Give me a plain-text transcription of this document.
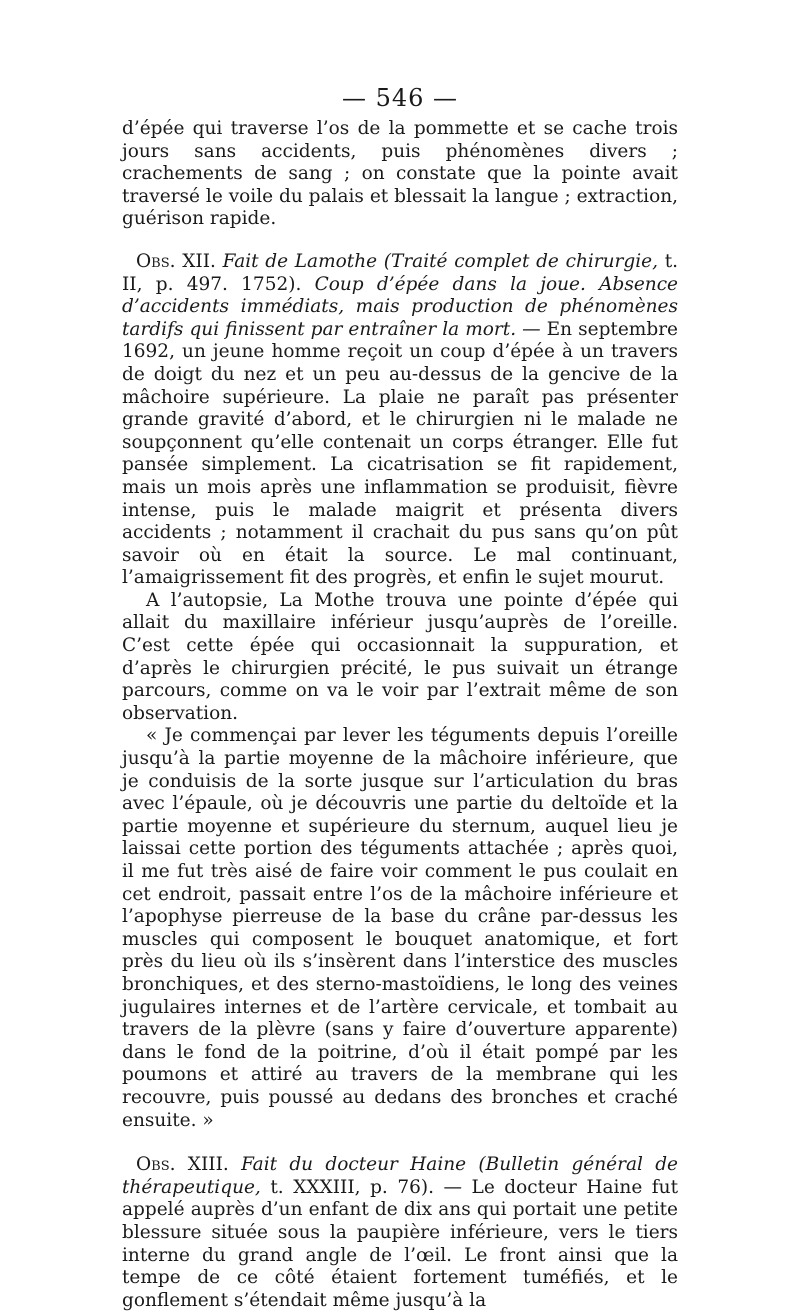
— 546 —

d’épée qui traverse l’os de la pommette et se cache trois jours sans accidents, puis phénomènes divers ; crachements de sang ; on constate que la pointe avait traversé le voile du palais et blessait la langue ; extraction, guérison rapide.

Obs. XII. Fait de Lamothe (Traité complet de chirurgie, t. II, p. 497. 1752). Coup d’épée dans la joue. Absence d’accidents immédiats, mais production de phénomènes tardifs qui finissent par entraîner la mort. — En septembre 1692, un jeune homme reçoit un coup d’épée à un travers de doigt du nez et un peu au-dessus de la gencive de la mâchoire supérieure. La plaie ne paraît pas présenter grande gravité d’abord, et le chirurgien ni le malade ne soupçonnent qu’elle contenait un corps étranger. Elle fut pansée simplement. La cicatrisation se fit rapidement, mais un mois après une inflammation se produisit, fièvre intense, puis le malade maigrit et présenta divers accidents ; notamment il crachait du pus sans qu’on pût savoir où en était la source. Le mal continuant, l’amaigrissement fit des progrès, et enfin le sujet mourut.

A l’autopsie, La Mothe trouva une pointe d’épée qui allait du maxillaire inférieur jusqu’auprès de l’oreille. C’est cette épée qui occasionnait la suppuration, et d’après le chirurgien précité, le pus suivait un étrange parcours, comme on va le voir par l’extrait même de son observation.

« Je commençai par lever les téguments depuis l’oreille jusqu’à la partie moyenne de la mâchoire inférieure, que je conduisis de la sorte jusque sur l’articulation du bras avec l’épaule, où je découvris une partie du deltoïde et la partie moyenne et supérieure du sternum, auquel lieu je laissai cette portion des téguments attachée ; après quoi, il me fut très aisé de faire voir comment le pus coulait en cet endroit, passait entre l’os de la mâchoire inférieure et l’apophyse pierreuse de la base du crâne par-dessus les muscles qui composent le bouquet anatomique, et fort près du lieu où ils s’insèrent dans l’interstice des muscles bronchiques, et des sterno-mastoïdiens, le long des veines jugulaires internes et de l’artère cervicale, et tombait au travers de la plèvre (sans y faire d’ouverture apparente) dans le fond de la poitrine, d’où il était pompé par les poumons et attiré au travers de la membrane qui les recouvre, puis poussé au dedans des bronches et craché ensuite. »

Obs. XIII. Fait du docteur Haine (Bulletin général de thérapeutique, t. XXXIII, p. 76). — Le docteur Haine fut appelé auprès d’un enfant de dix ans qui portait une petite blessure située sous la paupière inférieure, vers le tiers interne du grand angle de l’œil. Le front ainsi que la tempe de ce côté étaient fortement tuméfiés, et le gonflement s’étendait même jusqu’à la
